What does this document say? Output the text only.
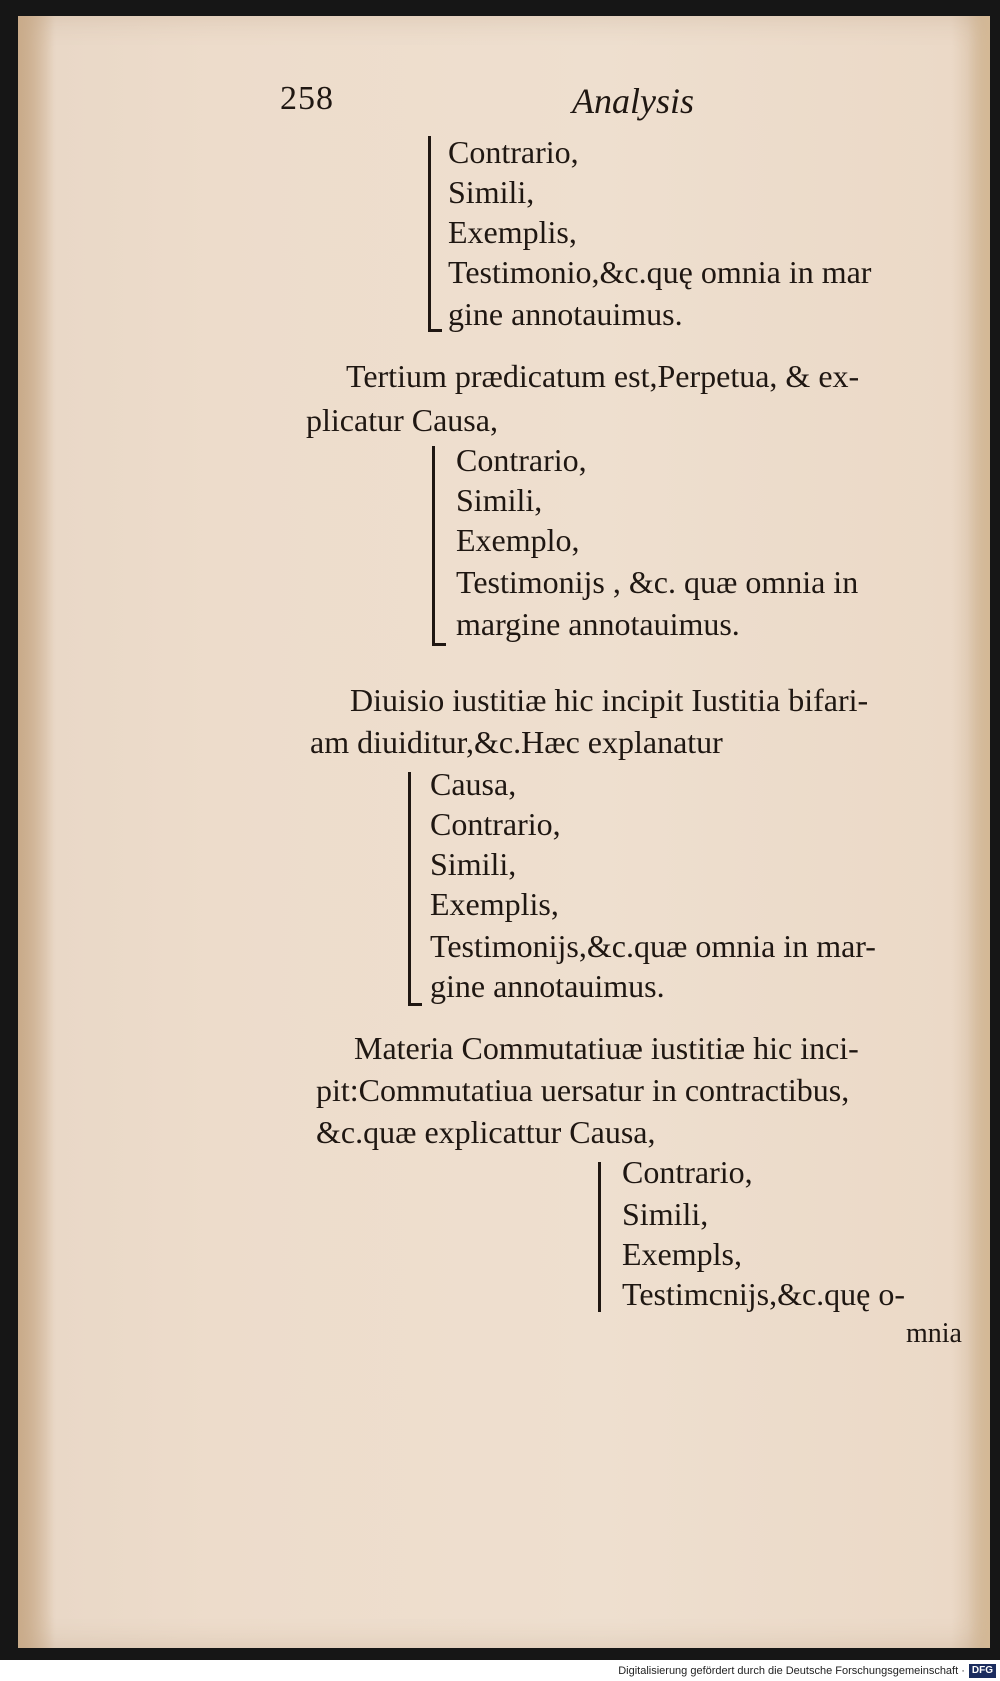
258	Analysis
Contrario,
Simili,
Exemplis,
Testimonio,&c.quę omnia in mar
gine annotauimus.
Tertium prædicatum est,Perpetua, & ex-
plicatur Causa,
Contrario,
Simili,
Exemplo,
Testimonijs , &c. quæ omnia in
margine annotauimus.
Diuisio iustitiæ hic incipit Iustitia bifari-
am diuiditur,&c.Hæc explanatur
Causa,
Contrario,
Simili,
Exemplis,
Testimonijs,&c.quæ omnia in mar-
gine annotauimus.
Materia Commutatiuæ iustitiæ hic inci-
pit:Commutatiua uersatur in contractibus,
&c.quæ explicattur Causa,
Contrario,
Simili,
Exempls,
Testimcnijs,&c.quę o-
mnia
Digitalisierung gefördert durch die Deutsche Forschungsgemeinschaft · DFG
